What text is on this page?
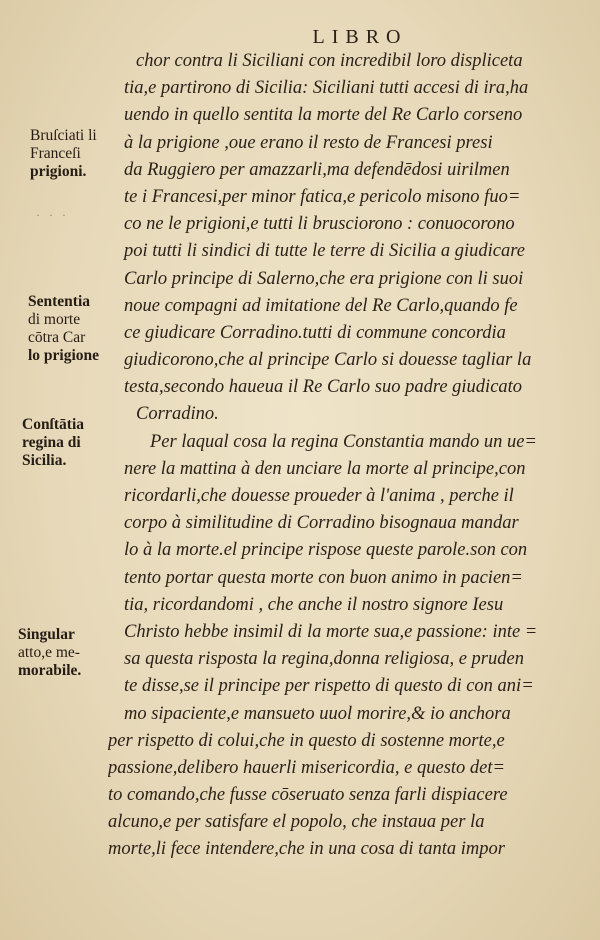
LIBRO
· · ·
chor contra li Siciliani con incredibil loro displiceta
tia,e partirono di Sicilia: Siciliani tutti accesi di ira,ha
uendo in quello sentita la morte del Re Carlo corseno
à la prigione ,oue erano il resto de Francesi presi
da Ruggiero per amazzarli,ma defendēdosi uirilmen
te i Francesi,per minor fatica,e pericolo misono fuo=
co ne le prigioni,e tutti li brusciorono : conuocorono
poi tutti li sindici di tutte le terre di Sicilia a giudicare
Carlo principe di Salerno,che era prigione con li suoi
noue compagni ad imitatione del Re Carlo,quando fe
ce giudicare Corradino.tutti di commune concordia
giudicorono,che al principe Carlo si douesse tagliar la
testa,secondo haueua il Re Carlo suo padre giudicato
Corradino.
Per laqual cosa la regina Constantia mando un ue=
nere la mattina à den unciare la morte al principe,con
ricordarli,che douesse proueder à l'anima , perche il
corpo à similitudine di Corradino bisognaua mandar
lo à la morte.el principe rispose queste parole.son con
tento portar questa morte con buon animo in pacien=
tia, ricordandomi , che anche il nostro signore Iesu
Christo hebbe insimil di la morte sua,e passione: inte =
sa questa risposta la regina,donna religiosa, e pruden
te disse,se il principe per rispetto di questo di con ani=
mo sipaciente,e mansueto uuol morire,& io anchora
per rispetto di colui,che in questo di sostenne morte,e
passione,delibero hauerli misericordia, e questo det=
to comando,che fusse cōseruato senza farli dispiacere
alcuno,e per satisfare el popolo, che instaua per la
morte,li fece intendere,che in una cosa di tanta impor
Bruſciati li
Franceſi
prigioni.
Sententia
di morte
cōtra Car
lo prigione
Conſtātia
regina di
Sicilia.
Singular
atto,e me-
morabile.
